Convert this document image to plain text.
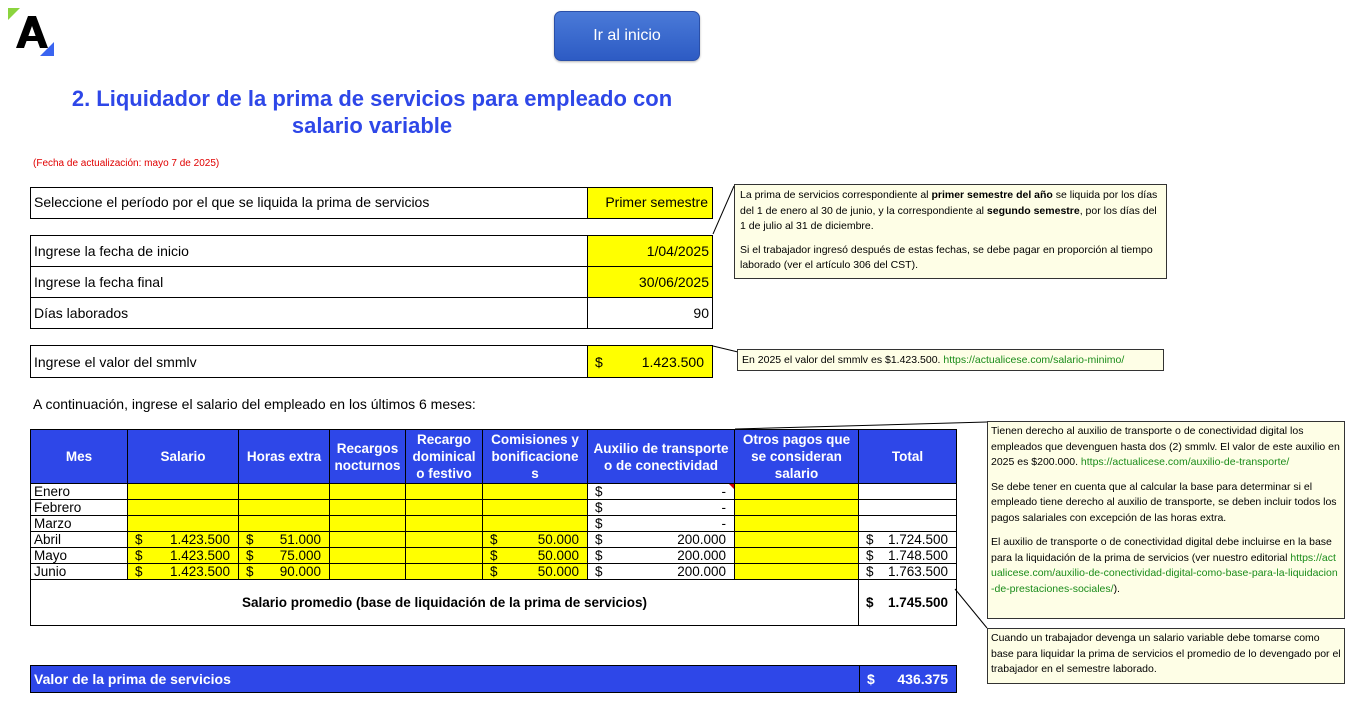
Ir al inicio
2. Liquidador de la prima de servicios para empleado con
salario variable
(Fecha de actualización: mayo 7 de 2025)
Seleccione el período por el que se liquida la prima de servicios	Primer semestre
Ingrese la fecha de inicio	1/04/2025
Ingrese la fecha final	30/06/2025
Días laborados	90
Ingrese el valor del smmlv	$	1.423.500
La prima de servicios correspondiente al primer semestre del año se liquida por los días del 1 de enero al 30 de junio, y la correspondiente al segundo semestre, por los días del 1 de julio al 31 de diciembre.
Si el trabajador ingresó después de estas fechas, se debe pagar en proporción al tiempo laborado (ver el artículo 306 del CST).
En 2025 el valor del smmlv es $1.423.500. https://actualicese.com/salario-minimo/
A continuación, ingrese el salario del empleado en los últimos 6 meses:
Mes	Salario	Horas extra	Recargos nocturnos	Recargo dominical o festivo	Comisiones y
bonificacione
s	Auxilio de transporte o de conectividad	Otros pagos que se consideran salario	Total
Enero						$ -		

Febrero						$ -		

Marzo						$ -		

Abril	$ 1.423.500	$ 51.000			$ 50.000	$ 200.000		$ 1.724.500

Mayo	$ 1.423.500	$ 75.000			$ 50.000	$ 200.000		$ 1.748.500

Junio	$ 1.423.500	$ 90.000			$ 50.000	$ 200.000		$ 1.763.500

Salario promedio (base de liquidación de la prima de servicios)								$ 1.745.500
Tienen derecho al auxilio de transporte o de conectividad digital los empleados que devenguen hasta dos (2) smmlv. El valor de este auxilio en 2025 es $200.000. https://actualicese.com/auxilio-de-transporte/
Se debe tener en cuenta que al calcular la base para determinar si el empleado tiene derecho al auxilio de transporte, se deben incluir todos los pagos salariales con excepción de las horas extra.
El auxilio de transporte o de conectividad digital debe incluirse en la base para la liquidación de la prima de servicios (ver nuestro editorial https://actualicese.com/auxilio-de-conectividad-digital-como-base-para-la-liquidacion-de-prestaciones-sociales/).
Cuando un trabajador devenga un salario variable debe tomarse como base para liquidar la prima de servicios el promedio de lo devengado por el trabajador en el semestre laborado.
Valor de la prima de servicios	$ 436.375
